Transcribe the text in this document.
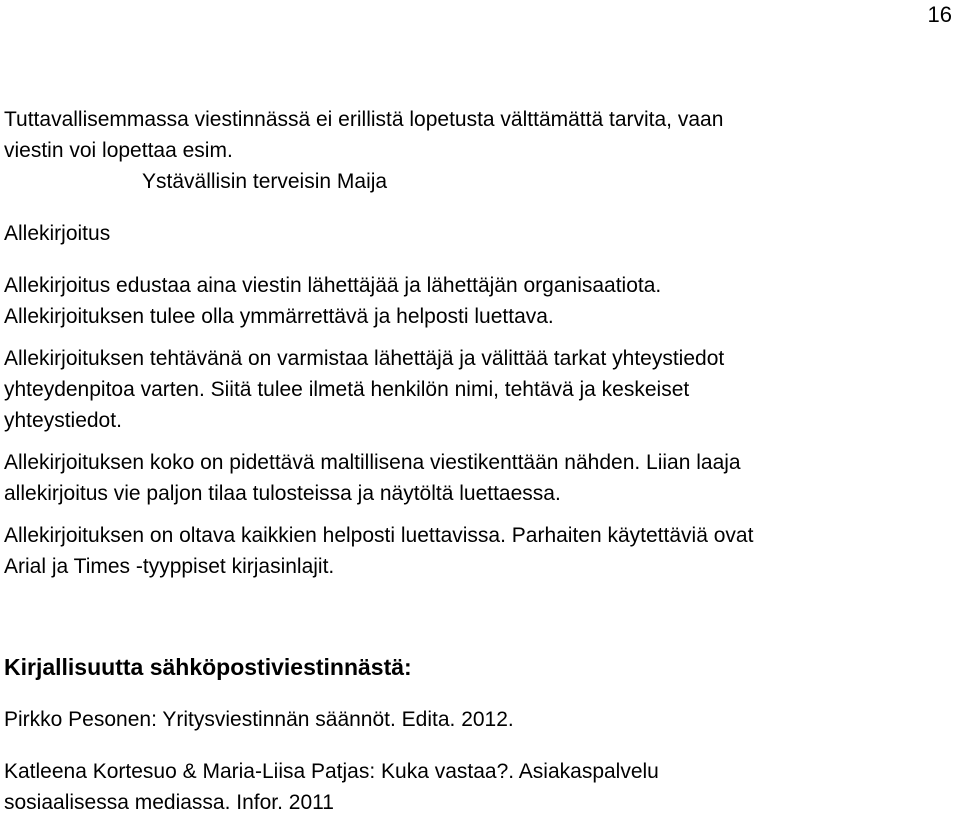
16

Tuttavallisemmassa viestinnässä ei erillistä lopetusta välttämättä tarvita, vaan

viestin voi lopettaa esim.

Ystävällisin terveisin Maija

Allekirjoitus

Allekirjoitus edustaa aina viestin lähettäjää ja lähettäjän organisaatiota.

Allekirjoituksen tulee olla ymmärrettävä ja helposti luettava.

Allekirjoituksen tehtävänä on varmistaa lähettäjä ja välittää tarkat yhteystiedot

yhteydenpitoa varten. Siitä tulee ilmetä henkilön nimi, tehtävä ja keskeiset

yhteystiedot.

Allekirjoituksen koko on pidettävä maltillisena viestikenttään nähden. Liian laaja

allekirjoitus vie paljon tilaa tulosteissa ja näytöltä luettaessa.

Allekirjoituksen on oltava kaikkien helposti luettavissa. Parhaiten käytettäviä ovat

Arial ja Times -tyyppiset kirjasinlajit.

Kirjallisuutta sähköpostiviestinnästä:

Pirkko Pesonen: Yritysviestinnän säännöt. Edita. 2012.

Katleena Kortesuo & Maria-Liisa Patjas: Kuka vastaa?. Asiakaspalvelu

sosiaalisessa mediassa. Infor. 2011
